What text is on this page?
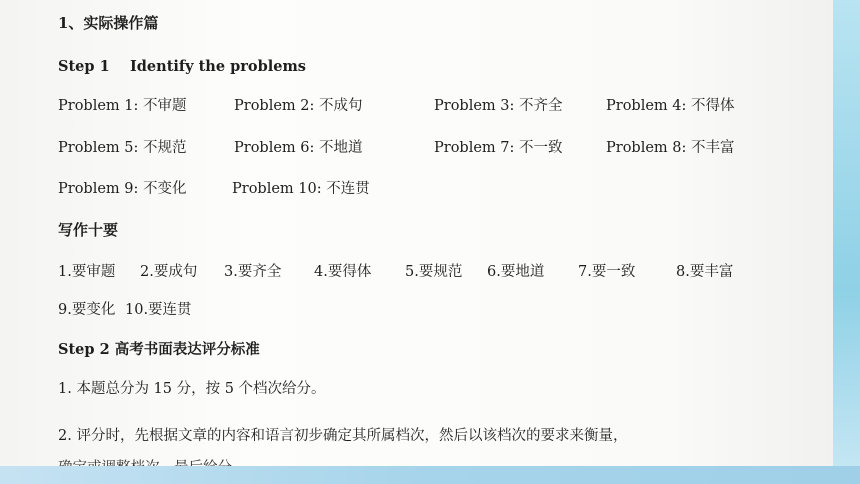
1、实际操作篇
Step 1 Identify the problems
Problem 1: 不审题	Problem 2: 不成句	Problem 3: 不齐全	Problem 4: 不得体
Problem 5: 不规范	Problem 6: 不地道	Problem 7: 不一致	Problem 8: 不丰富
Problem 9: 不变化	Problem 10: 不连贯
写作十要
1.要审题 2.要成句 3.要齐全 4.要得体 5.要规范 6.要地道 7.要一致	8.要丰富
9.要变化 10.要连贯
Step 2 高考书面表达评分标准
1. 本题总分为 15 分，按 5 个档次给分。
2. 评分时，先根据文章的内容和语言初步确定其所属档次，然后以该档次的要求来衡量，
